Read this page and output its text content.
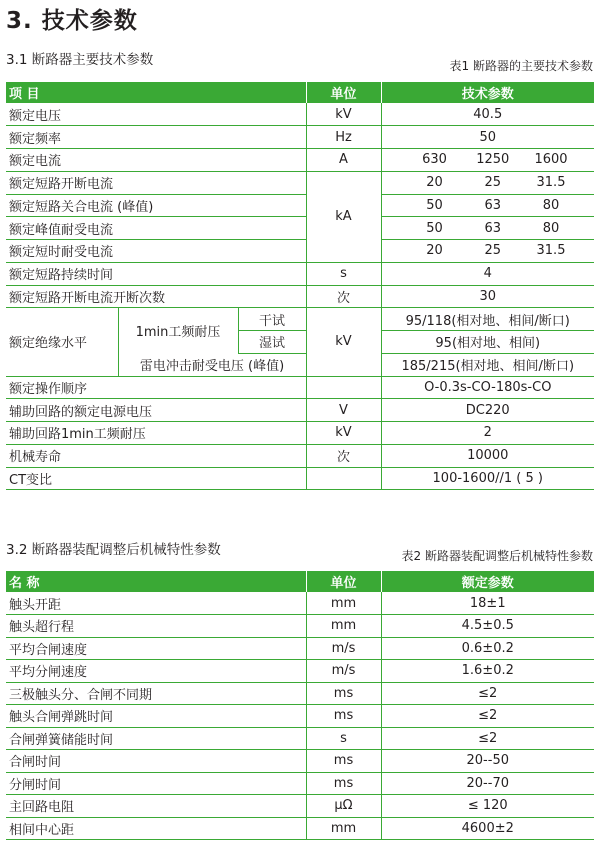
3. 技术参数
3.1 断路器主要技术参数	表1 断路器的主要技术参数
项 目			单位	技术参数
额定电压			kV	40.5
额定频率			Hz	50
额定电流			A	630 1250 1600

额定短路开断电流			kA	20 25 31.5

额定短路关合电流 (峰值)				50 63 80

额定峰值耐受电流				50 63 80

额定短时耐受电流				20 25 31.5

额定短路持续时间			s	4
额定短路开断电流开断次数			次	30
额定绝缘水平	1min工频耐压	干试	kV	95/118(相对地、相间/断口)
		湿试		95(相对地、相间)
	雷电冲击耐受电压 (峰值)			185/215(相对地、相间/断口)
额定操作顺序				O-0.3s-CO-180s-CO
辅助回路的额定电源电压			V	DC220
辅助回路1min工频耐压			kV	2
机械寿命			次	10000
CT变比				100-1600//1 ( 5 )
3.2 断路器装配调整后机械特性参数	表2 断路器装配调整后机械特性参数
名 称	单位	额定参数
触头开距	mm	18±1
触头超行程	mm	4.5±0.5
平均合闸速度	m/s	0.6±0.2
平均分闸速度	m/s	1.6±0.2
三极触头分、合闸不同期	ms	≤2
触头合闸弹跳时间	ms	≤2
合闸弹簧储能时间	s	≤2
合闸时间	ms	20--50
分闸时间	ms	20--70
主回路电阻	μΩ	≤ 120
相间中心距	mm	4600±2
